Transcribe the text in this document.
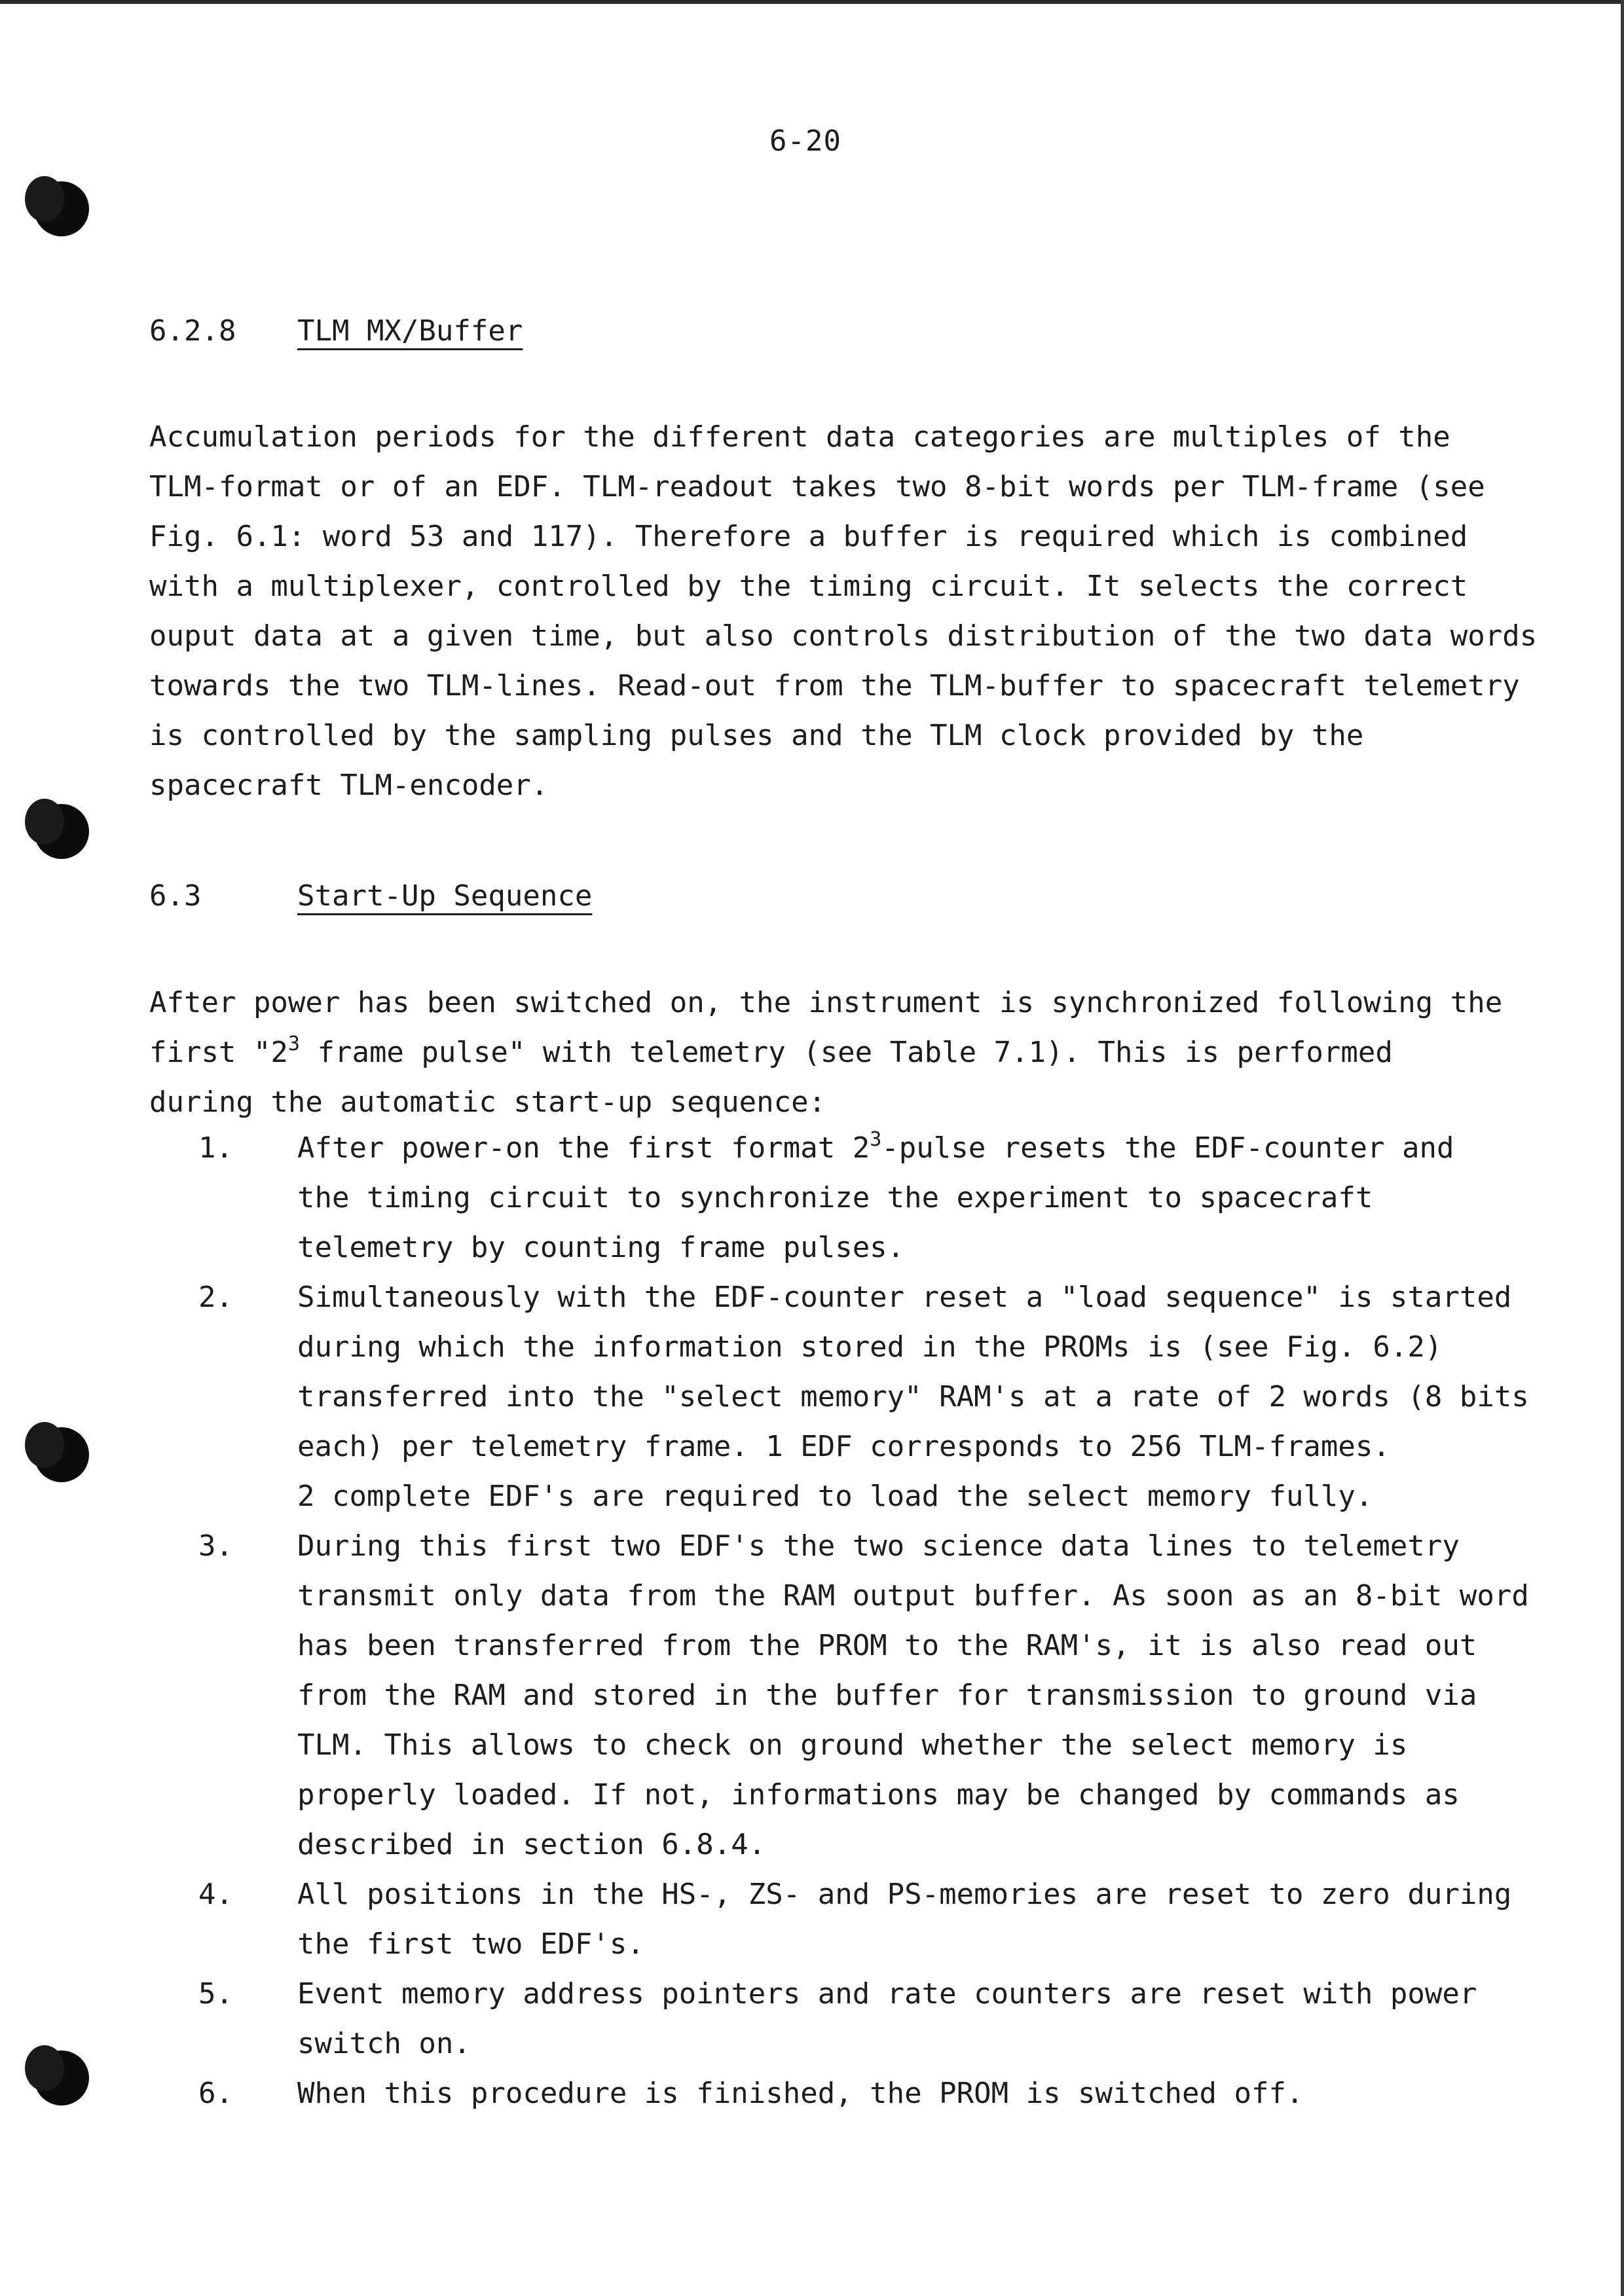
6-20
6.2.8 TLM MX/Buffer
Accumulation periods for the different data categories are multiples of the
TLM-format or of an EDF. TLM-readout takes two 8-bit words per TLM-frame (see
Fig. 6.1: word 53 and 117). Therefore a buffer is required which is combined
with a multiplexer, controlled by the timing circuit. It selects the correct
ouput data at a given time, but also controls distribution of the two data words
towards the two TLM-lines. Read-out from the TLM-buffer to spacecraft telemetry
is controlled by the sampling pulses and the TLM clock provided by the
spacecraft TLM-encoder.
6.3	Start-Up Sequence
After power has been switched on, the instrument is synchronized following the
first "$2^3$ frame pulse" with telemetry (see Table 7.1). This is performed
during the automatic start-up sequence:
1. After power-on the first format $2^3$-pulse resets the EDF-counter and
the timing circuit to synchronize the experiment to spacecraft
telemetry by counting frame pulses.
2. Simultaneously with the EDF-counter reset a "load sequence" is started
during which the information stored in the PROMs is (see Fig. 6.2)
transferred into the "select memory" RAM's at a rate of 2 words (8 bits
each) per telemetry frame. 1 EDF corresponds to 256 TLM-frames.
2 complete EDF's are required to load the select memory fully.
3. During this first two EDF's the two science data lines to telemetry
transmit only data from the RAM output buffer. As soon as an 8-bit word
has been transferred from the PROM to the RAM's, it is also read out
from the RAM and stored in the buffer for transmission to ground via
TLM. This allows to check on ground whether the select memory is
properly loaded. If not, informations may be changed by commands as
described in section 6.8.4.
4. All positions in the HS-, ZS- and PS-memories are reset to zero during
the first two EDF's.
5. Event memory address pointers and rate counters are reset with power
switch on.
6. When this procedure is finished, the PROM is switched off.
